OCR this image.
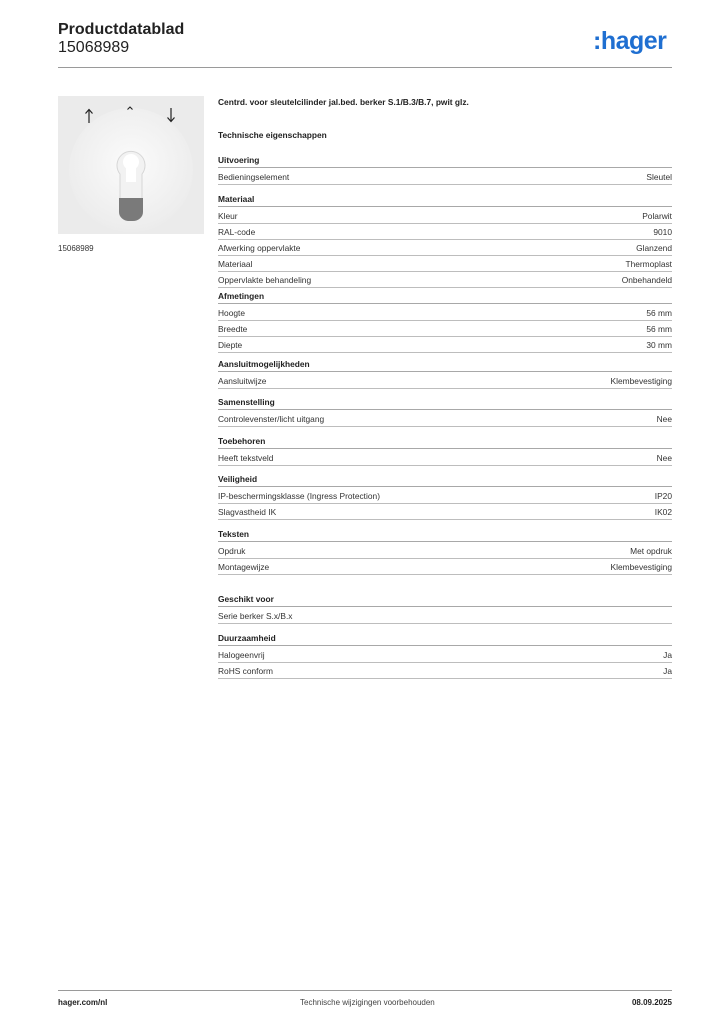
Productdatablad
15068989	:hager
15068989
Centrd. voor sleutelcilinder jal.bed. berker S.1/B.3/B.7, pwit glz.
Technische eigenschappen
Uitvoering
Bedieningselement	Sleutel
Materiaal
Kleur	Polarwit
RAL-code	9010
Afwerking oppervlakte	Glanzend
Materiaal	Thermoplast
Oppervlakte behandeling	Onbehandeld
Afmetingen
Hoogte	56 mm
Breedte	56 mm
Diepte	30 mm
Aansluitmogelijkheden
Aansluitwijze	Klembevestiging
Samenstelling
Controlevenster/licht uitgang	Nee
Toebehoren
Heeft tekstveld	Nee
Veiligheid
IP-beschermingsklasse (Ingress Protection)	IP20
Slagvastheid IK	IK02
Teksten
Opdruk	Met opdruk
Montagewijze	Klembevestiging
Geschikt voor
Serie berker S.x/B.x
Duurzaamheid
Halogeenvrij	Ja
RoHS conform	Ja
hager.com/nl	Technische wijzigingen voorbehouden	08.09.2025
